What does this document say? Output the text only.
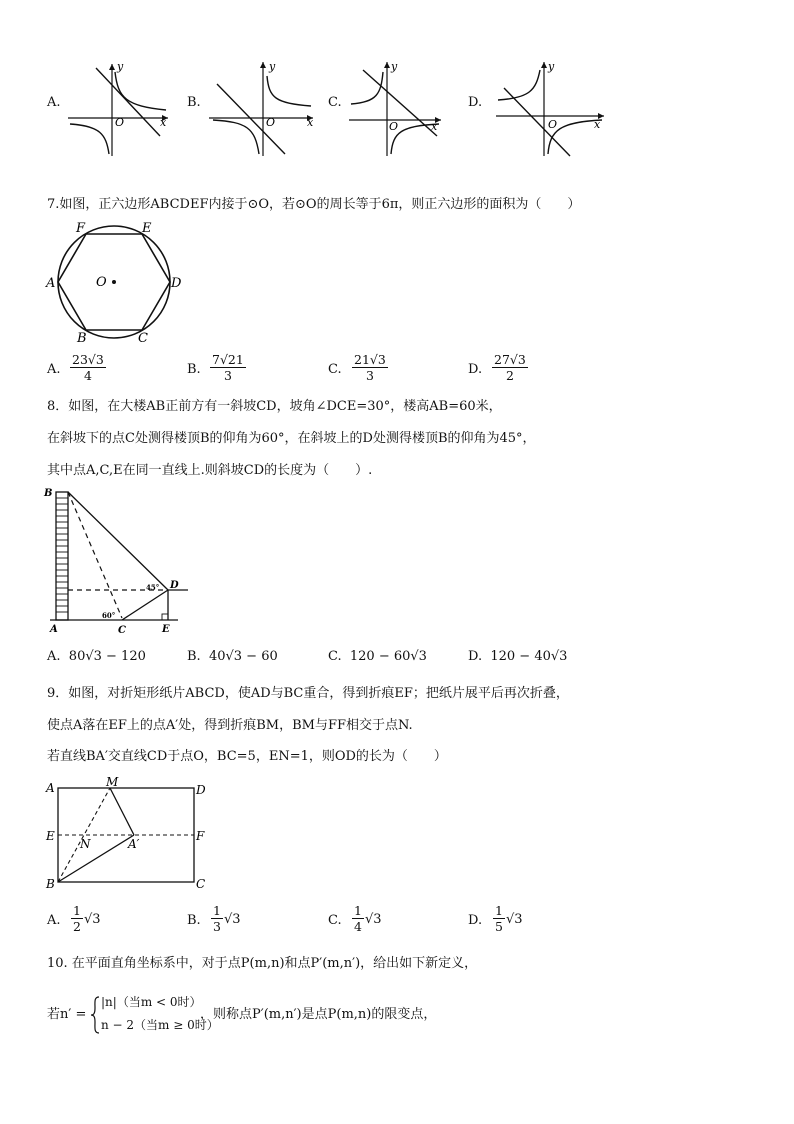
A.	B.	C.	D.
O	x
y
O	x
y
O	x
y
O	x
y
7.如图，正六边形ABCDEF内接于⊙O，若⊙O的周长等于6π，则正六边形的面积为（　　）
F	E
A	D
B	C
O
A. $\frac{23√3}{4}$	B. $\frac{7√21}{3}$	C. $\frac{21√3}{3}$	D. $\frac{27√3}{2}$
8．如图，在大楼AB正前方有一斜坡CD，坡角∠DCE=30°，楼高AB=60米，
在斜坡下的点C处测得楼顶B的仰角为60°，在斜坡上的D处测得楼顶B的仰角为45°，
其中点A,C,E在同一直线上.则斜坡CD的长度为（　　）.
B
A	C	E
D
45°
60°
A. 80√3 − 120	B. 40√3 − 60	C. 120 − 60√3	D. 120 − 40√3
9．如图，对折矩形纸片ABCD，使AD与BC重合，得到折痕EF；把纸片展平后再次折叠，
使点A落在EF上的点A′处，得到折痕BM，BM与FF相交于点N.
若直线BA′交直线CD于点O，BC=5，EN=1，则OD的长为（　　）
A	D
E	F
B	C
M
N	A′
A. $\frac{1}{2} √3$	B. $\frac{1}{3} √3$	C. $\frac{1}{4} √3$	D. $\frac{1}{5} √3$
10. 在平面直角坐标系中，对于点P(m,n)和点P′(m,n′)，给出如下新定义，
若n′ =
|n|（当m < 0时）
n − 2（当m ≥ 0时）
，则称点P′(m,n′)是点P(m,n)的限变点，
